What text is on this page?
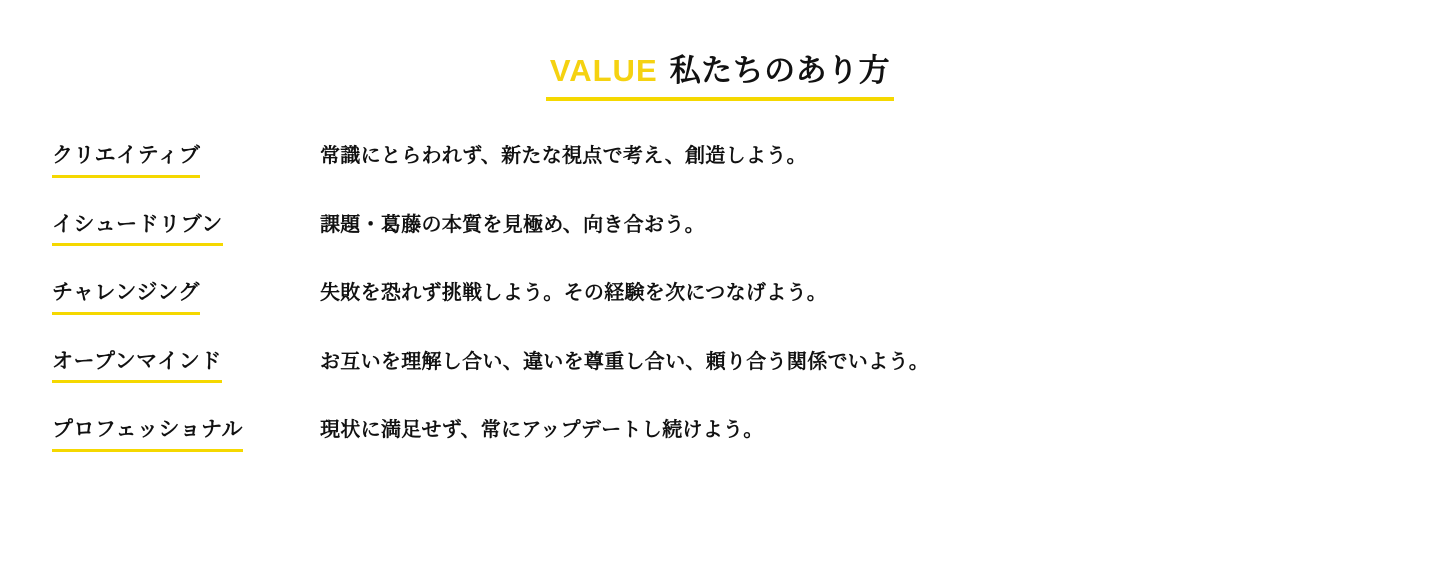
VALUE 私たちのあり方
クリエイティブ	常識にとらわれず、新たな視点で考え、創造しよう。
イシュードリブン	課題・葛藤の本質を見極め、向き合おう。
チャレンジング	失敗を恐れず挑戦しよう。その経験を次につなげよう。
オープンマインド	お互いを理解し合い、違いを尊重し合い、頼り合う関係でいよう。
プロフェッショナル	現状に満足せず、常にアップデートし続けよう。
